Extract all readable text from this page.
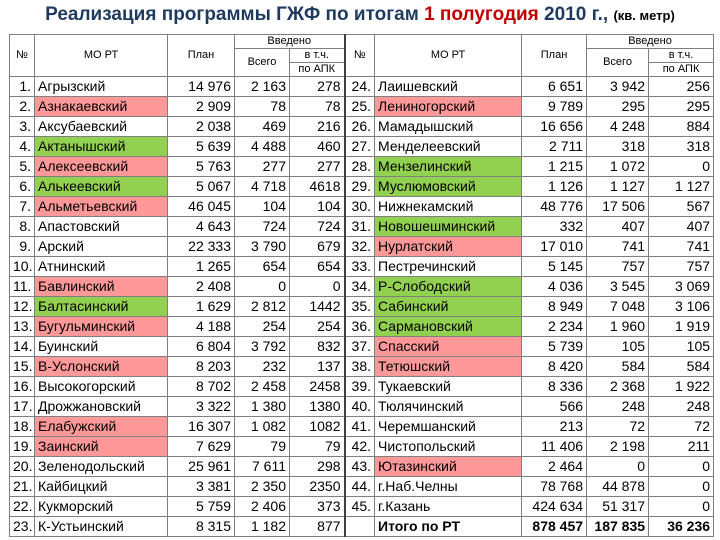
Реализация программы ГЖФ по итогам 1 полугодия 2010 г., (кв. метр)
№	МО РТ	План	Введено		№	МО РТ	План	Введено	
			Всего	в т.ч.				Всего	в т.ч.
				по АПК					по АПК
1.	Агрызский	14 976	2 163	278	24.	Лаишевский	6 651	3 942	256
2.	Азнакаевский	2 909	78	78	25.	Лениногорский	9 789	295	295
3.	Аксубаевский	2 038	469	216	26.	Мамадышский	16 656	4 248	884
4.	Актанышский	5 639	4 488	460	27.	Менделеевский	2 711	318	318
5.	Алексеевский	5 763	277	277	28.	Мензелинский	1 215	1 072	0
6.	Алькеевский	5 067	4 718	4618	29.	Муслюмовский	1 126	1 127	1 127
7.	Альметьевский	46 045	104	104	30.	Нижнекамский	48 776	17 506	567
8.	Апастовский	4 643	724	724	31.	Новошешминский	332	407	407
9.	Арский	22 333	3 790	679	32.	Нурлатский	17 010	741	741
10.	Атнинский	1 265	654	654	33.	Пестречинский	5 145	757	757
11.	Бавлинский	2 408	0	0	34.	Р-Слободский	4 036	3 545	3 069
12.	Балтасинский	1 629	2 812	1442	35.	Сабинский	8 949	7 048	3 106
13.	Бугульминский	4 188	254	254	36.	Сармановский	2 234	1 960	1 919
14.	Буинский	6 804	3 792	832	37.	Спасский	5 739	105	105
15.	В-Услонский	8 203	232	137	38.	Тетюшский	8 420	584	584
16.	Высокогорский	8 702	2 458	2458	39.	Тукаевский	8 336	2 368	1 922
17.	Дрожжановский	3 322	1 380	1380	40.	Тюлячинский	566	248	248
18.	Елабужский	16 307	1 082	1082	41.	Черемшанский	213	72	72
19.	Заинский	7 629	79	79	42.	Чистопольский	11 406	2 198	211
20.	Зеленодольский	25 961	7 611	298	43.	Ютазинский	2 464	0	0
21.	Кайбицкий	3 381	2 350	2350	44.	г.Наб.Челны	78 768	44 878	0
22.	Кукморский	5 759	2 406	373	45.	г.Казань	424 634	51 317	0
23.	К-Устьинский	8 315	1 182	877		Итого по РТ	878 457	187 835	36 236
